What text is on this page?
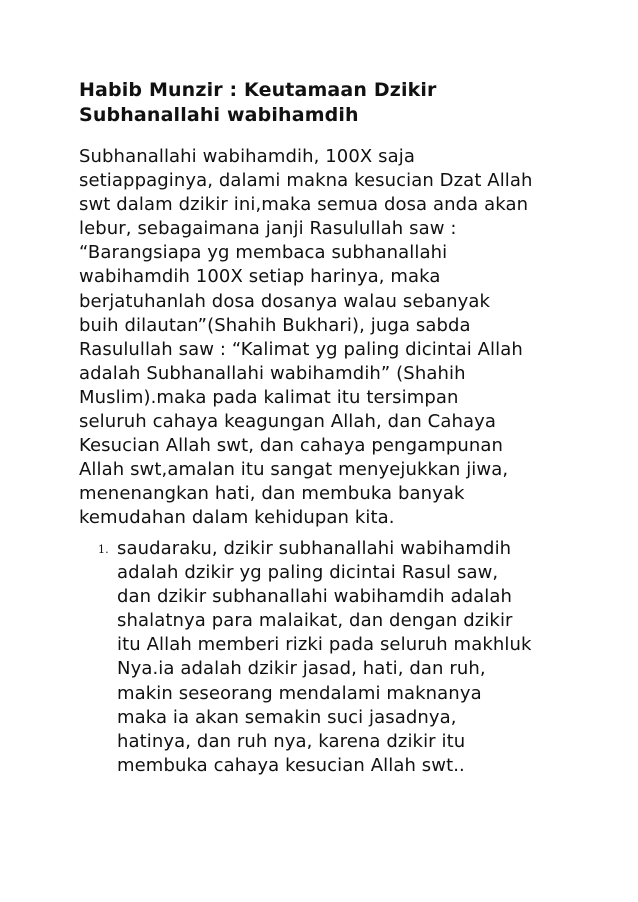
Habib Munzir : Keutamaan Dzikir
Subhanallahi wabihamdih
Subhanallahi wabihamdih, 100X saja
setiappaginya, dalami makna kesucian Dzat Allah
swt dalam dzikir ini,maka semua dosa anda akan
lebur, sebagaimana janji Rasulullah saw :
“Barangsiapa yg membaca subhanallahi
wabihamdih 100X setiap harinya, maka
berjatuhanlah dosa dosanya walau sebanyak
buih dilautan”(Shahih Bukhari), juga sabda
Rasulullah saw : “Kalimat yg paling dicintai Allah
adalah Subhanallahi wabihamdih” (Shahih
Muslim).maka pada kalimat itu tersimpan
seluruh cahaya keagungan Allah, dan Cahaya
Kesucian Allah swt, dan cahaya pengampunan
Allah swt,amalan itu sangat menyejukkan jiwa,
menenangkan hati, dan membuka banyak
kemudahan dalam kehidupan kita.
1. saudaraku, dzikir subhanallahi wabihamdih
adalah dzikir yg paling dicintai Rasul saw,
dan dzikir subhanallahi wabihamdih adalah
shalatnya para malaikat, dan dengan dzikir
itu Allah memberi rizki pada seluruh makhluk
Nya.ia adalah dzikir jasad, hati, dan ruh,
makin seseorang mendalami maknanya
maka ia akan semakin suci jasadnya,
hatinya, dan ruh nya, karena dzikir itu
membuka cahaya kesucian Allah swt..
